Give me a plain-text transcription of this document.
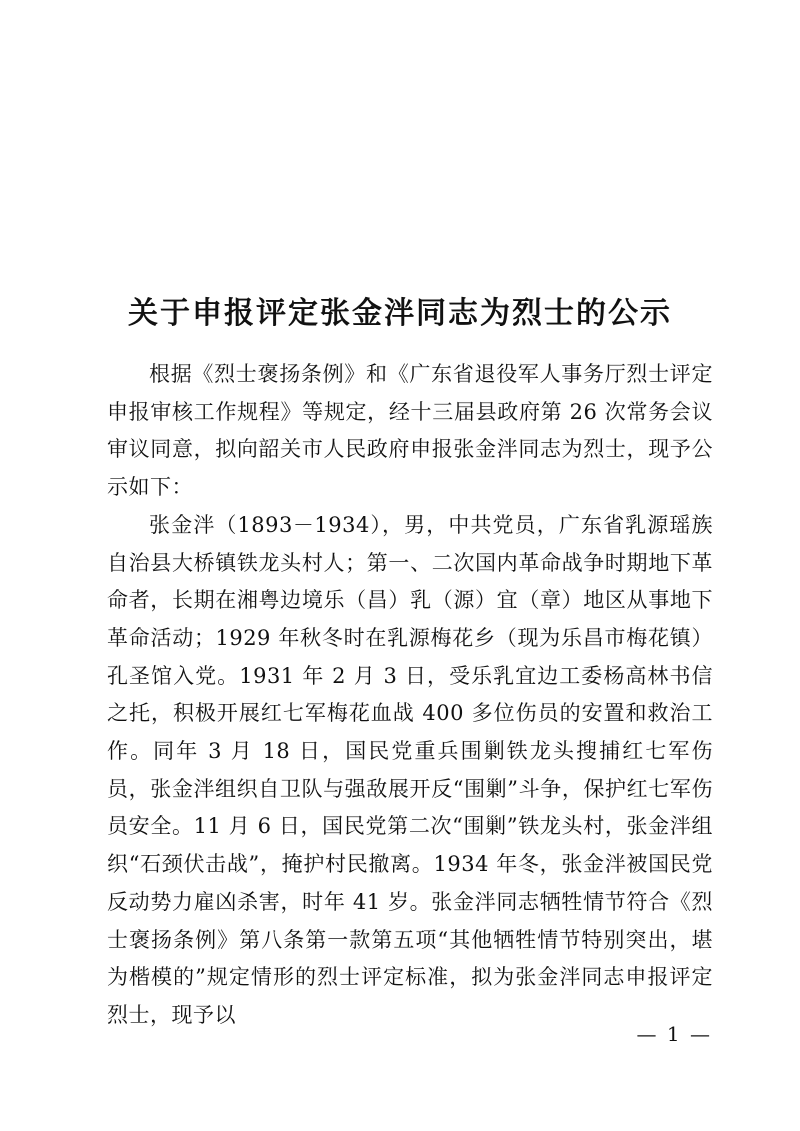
关于申报评定张金泮同志为烈士的公示

根据《烈士褒扬条例》和《广东省退役军人事务厅烈士评定申报审核工作规程》等规定，经十三届县政府第 26 次常务会议审议同意，拟向韶关市人民政府申报张金泮同志为烈士，现予公示如下：

张金泮（1893－1934），男，中共党员，广东省乳源瑶族自治县大桥镇铁龙头村人；第一、二次国内革命战争时期地下革命者，长期在湘粤边境乐（昌）乳（源）宜（章）地区从事地下革命活动；1929 年秋冬时在乳源梅花乡（现为乐昌市梅花镇）孔圣馆入党。1931 年 2 月 3 日，受乐乳宜边工委杨高林书信之托，积极开展红七军梅花血战 400 多位伤员的安置和救治工作。同年 3 月 18 日，国民党重兵围剿铁龙头搜捕红七军伤员，张金泮组织自卫队与强敌展开反“围剿”斗争，保护红七军伤员安全。11 月 6 日，国民党第二次“围剿”铁龙头村，张金泮组织“石颈伏击战”，掩护村民撤离。1934 年冬，张金泮被国民党反动势力雇凶杀害，时年 41 岁。张金泮同志牺牲情节符合《烈士褒扬条例》第八条第一款第五项“其他牺牲情节特别突出，堪为楷模的”规定情形的烈士评定标准，拟为张金泮同志申报评定烈士，现予以

— 1 —
